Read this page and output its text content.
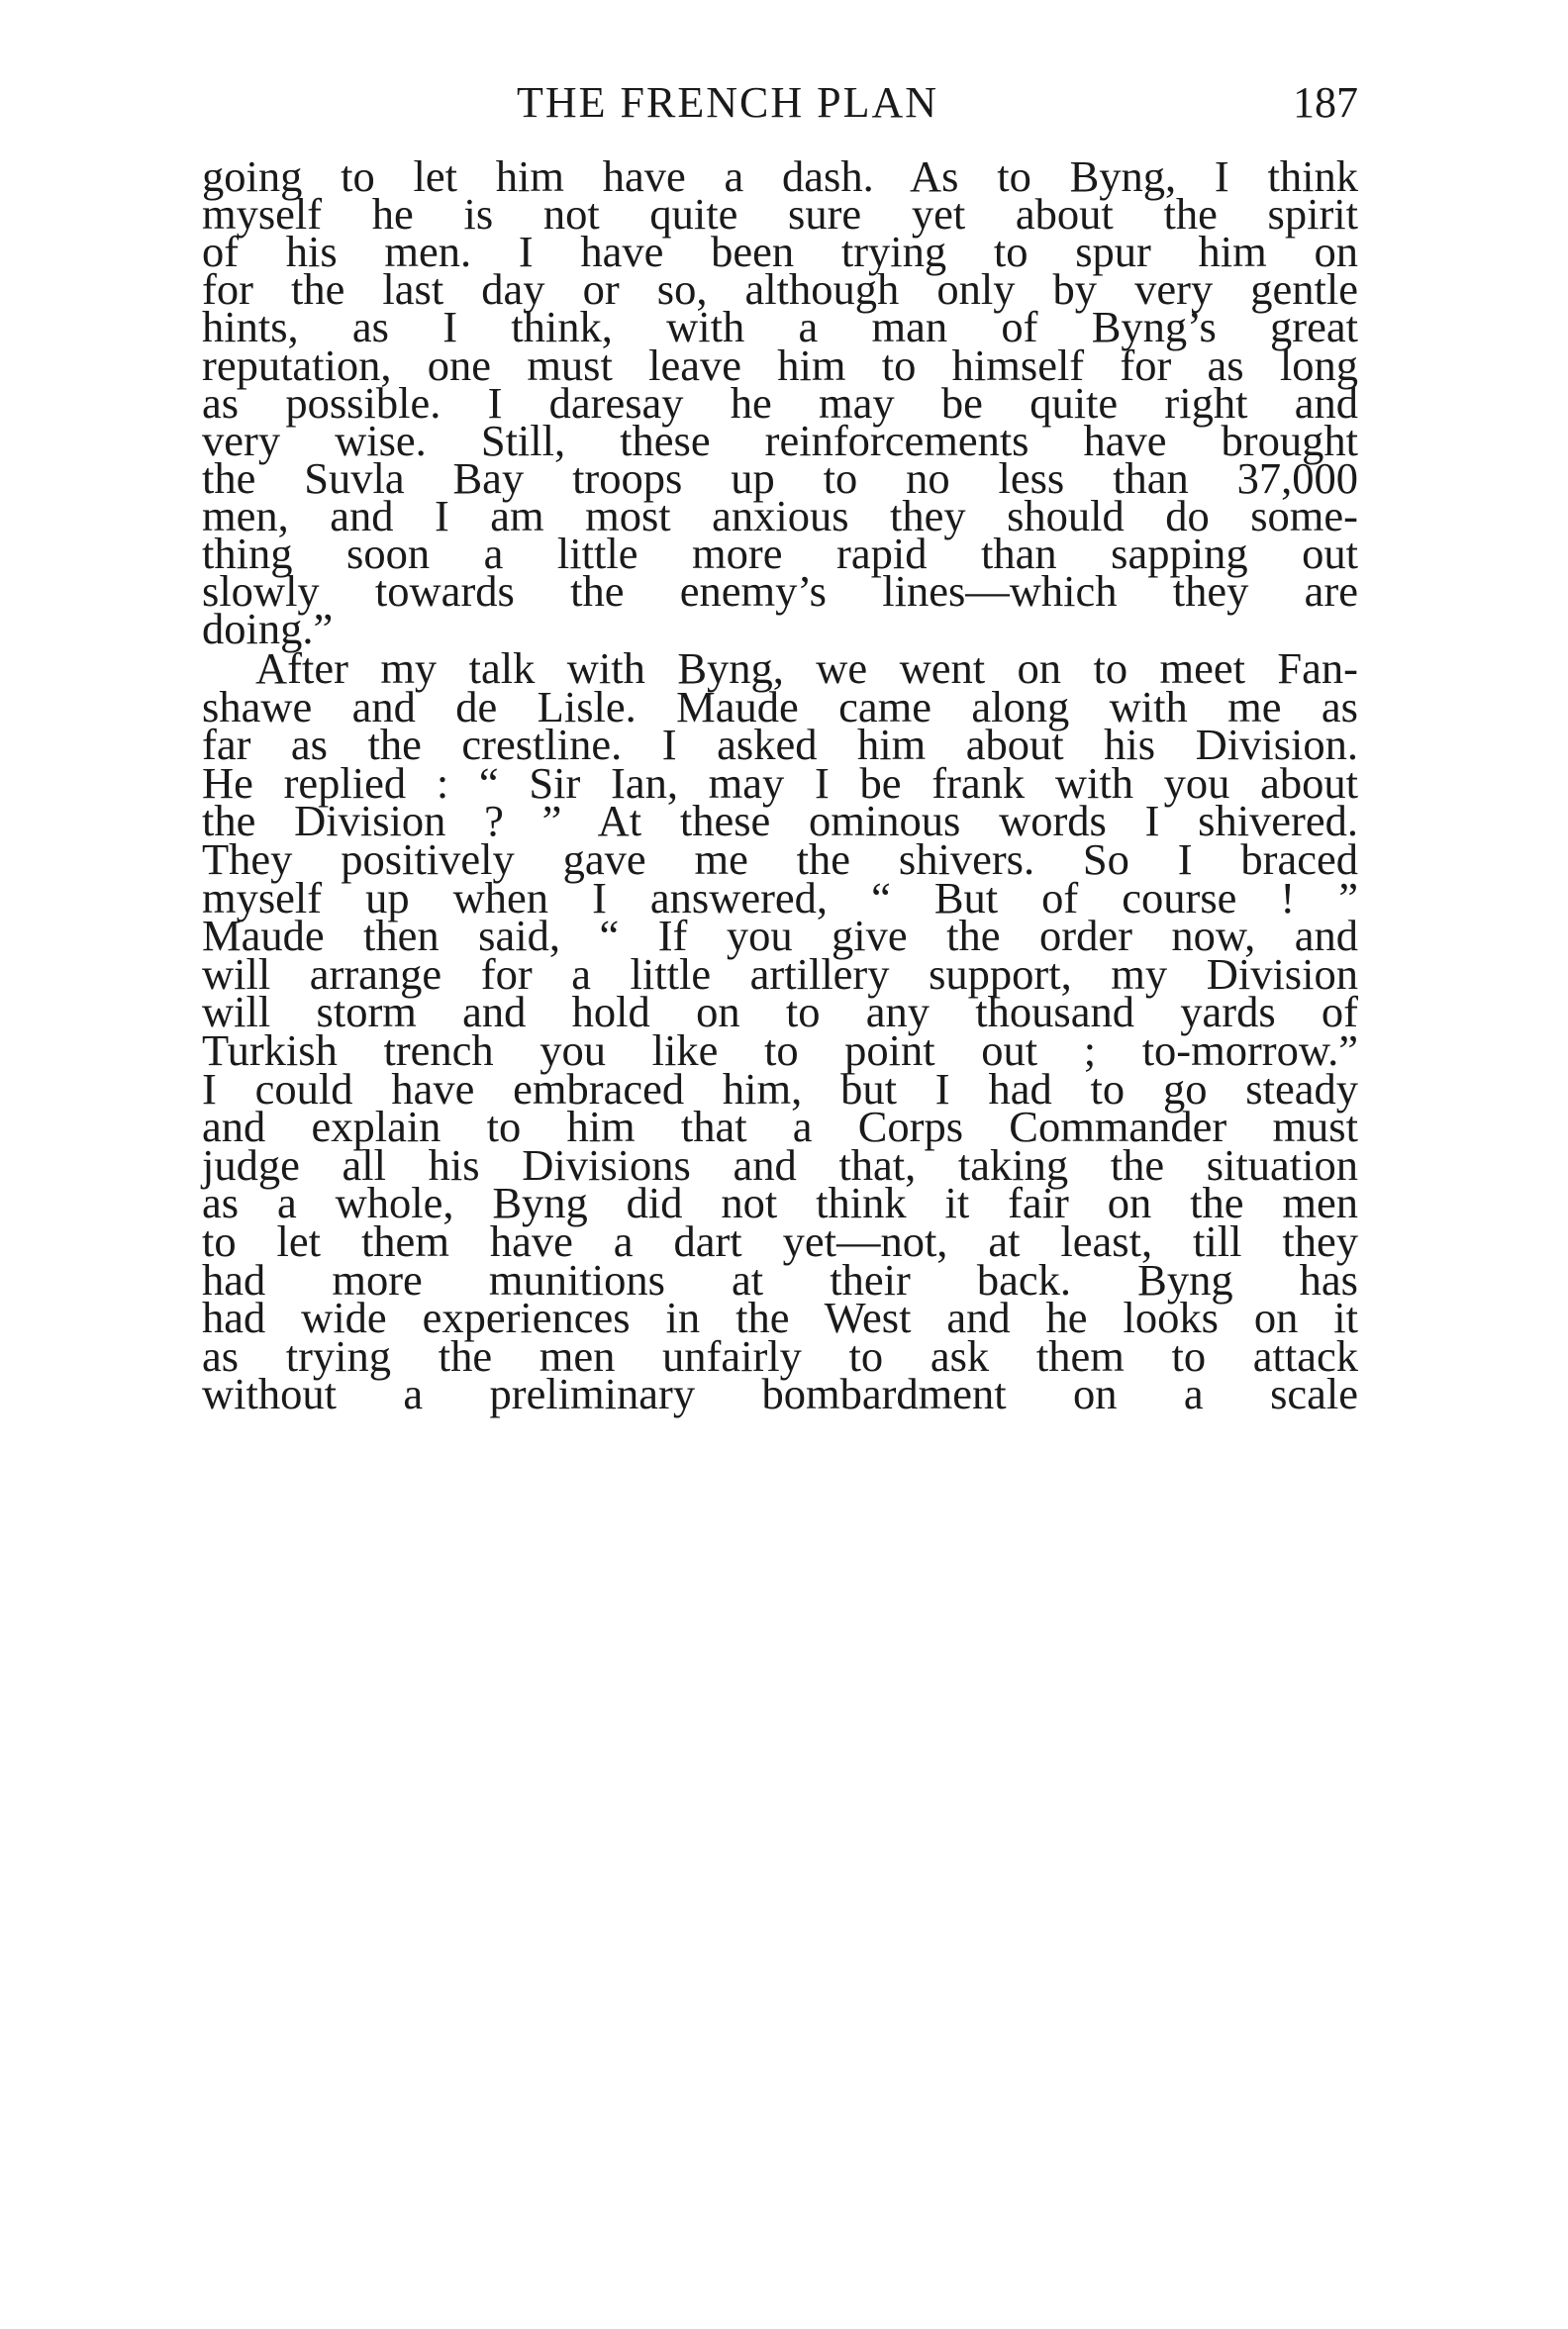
THE FRENCH PLAN	187
going to let him have a dash. As to Byng, I think
myself he is not quite sure yet about the spirit
of his men. I have been trying to spur him on
for the last day or so, although only by very gentle
hints, as I think, with a man of Byng’s great
reputation, one must leave him to himself for as long
as possible. I daresay he may be quite right and
very wise. Still, these reinforcements have brought
the Suvla Bay troops up to no less than 37,000
men, and I am most anxious they should do some-
thing soon a little more rapid than sapping out
slowly towards the enemy’s lines—which they are
doing.”
After my talk with Byng, we went on to meet Fan-
shawe and de Lisle. Maude came along with me as
far as the crestline. I asked him about his Division.
He replied : “ Sir Ian, may I be frank with you about
the Division ? ” At these ominous words I shivered.
They positively gave me the shivers. So I braced
myself up when I answered, “ But of course ! ”
Maude then said, “ If you give the order now, and
will arrange for a little artillery support, my Division
will storm and hold on to any thousand yards of
Turkish trench you like to point out ; to-morrow.”
I could have embraced him, but I had to go steady
and explain to him that a Corps Commander must
judge all his Divisions and that, taking the situation
as a whole, Byng did not think it fair on the men
to let them have a dart yet—not, at least, till they
had more munitions at their back. Byng has
had wide experiences in the West and he looks on it
as trying the men unfairly to ask them to attack
without a preliminary bombardment on a scale
